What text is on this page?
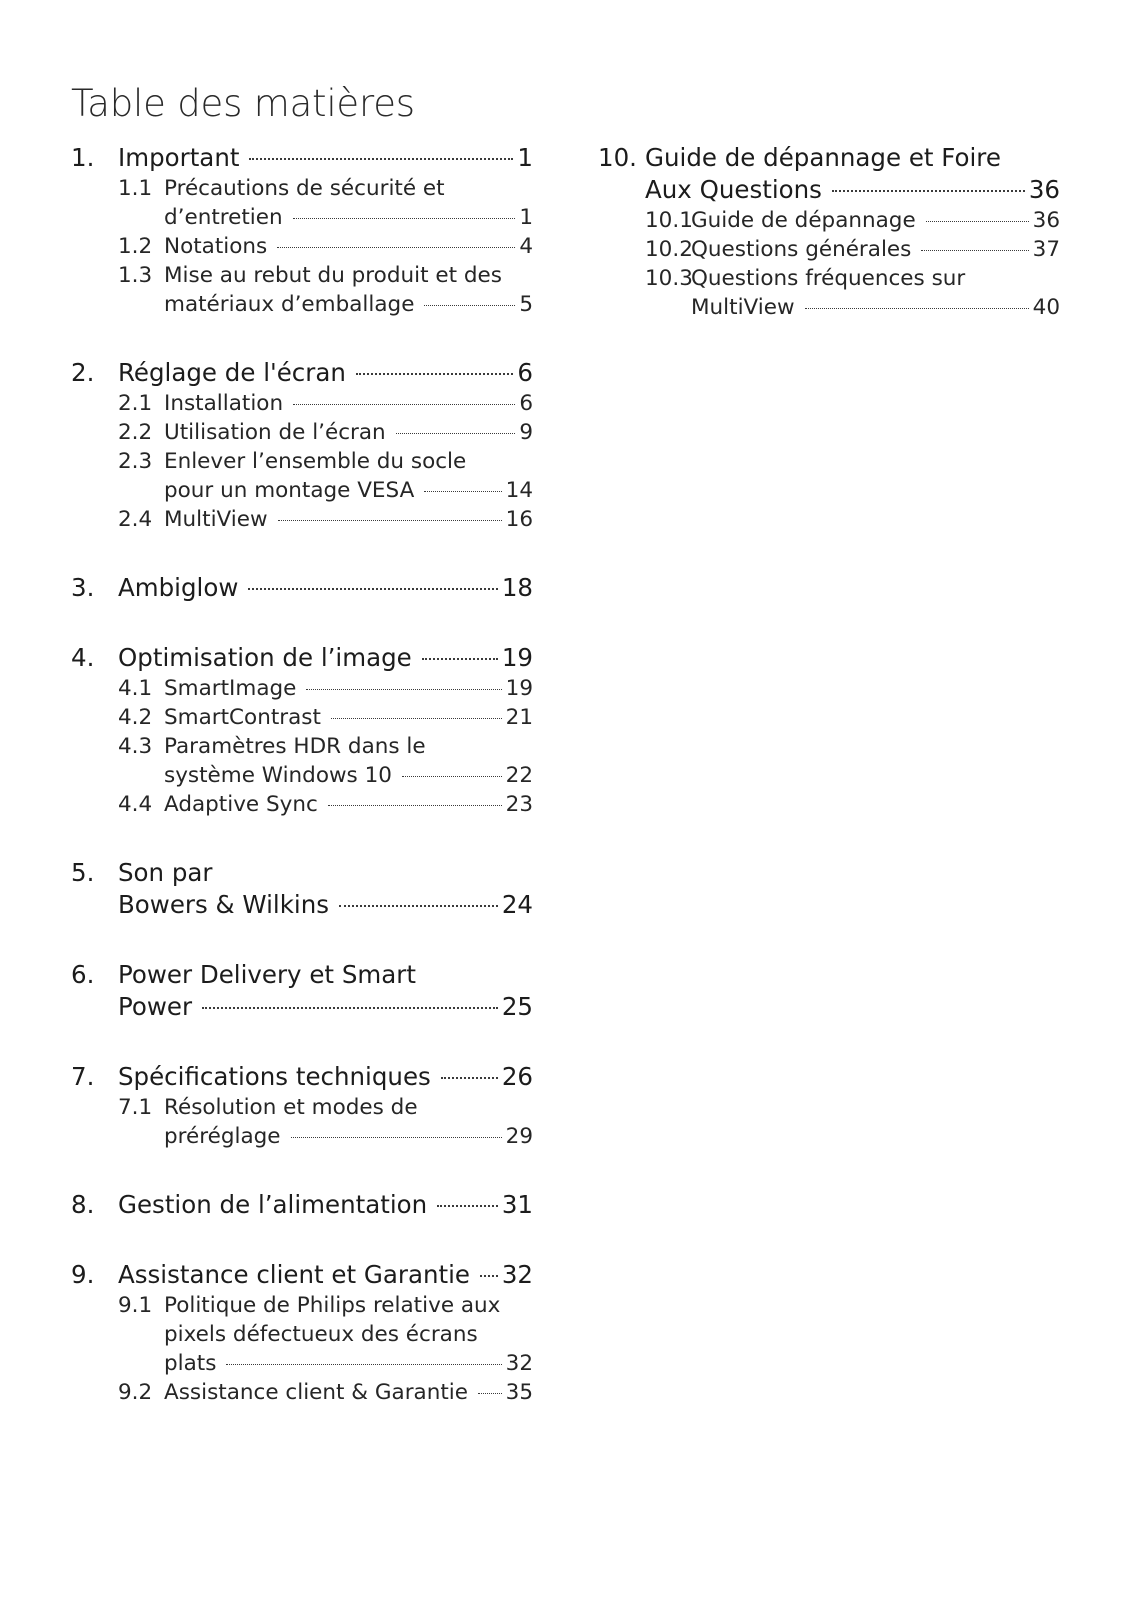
Table des matières
1. Important	1
1.1 Précautions de sécurité et
d’entretien	1
1.2 Notations	4
1.3 Mise au rebut du produit et des
matériaux d’emballage	5
2. Réglage de l'écran	6
2.1 Installation	6
2.2 Utilisation de l’écran	9
2.3 Enlever l’ensemble du socle
pour un montage VESA	14
2.4 MultiView	16
3. Ambiglow	18
4. Optimisation de l’image	19
4.1 SmartImage	19
4.2 SmartContrast	21
4.3 Paramètres HDR dans le
système Windows 10	22
4.4 Adaptive Sync	23
5. Son par
Bowers & Wilkins	24
6. Power Delivery et Smart
Power	25
7. Spécifications techniques	26
7.1 Résolution et modes de
préréglage	29
8. Gestion de l’alimentation	31
9. Assistance client et Garantie 32
9.1 Politique de Philips relative aux
pixels défectueux des écrans
plats	32
9.2 Assistance client & Garantie 35
10. Guide de dépannage et Foire
Aux Questions	36
10.1
Guide de dépannage	36
10.2
Questions générales	37
10.3
Questions fréquences sur
MultiView	40
